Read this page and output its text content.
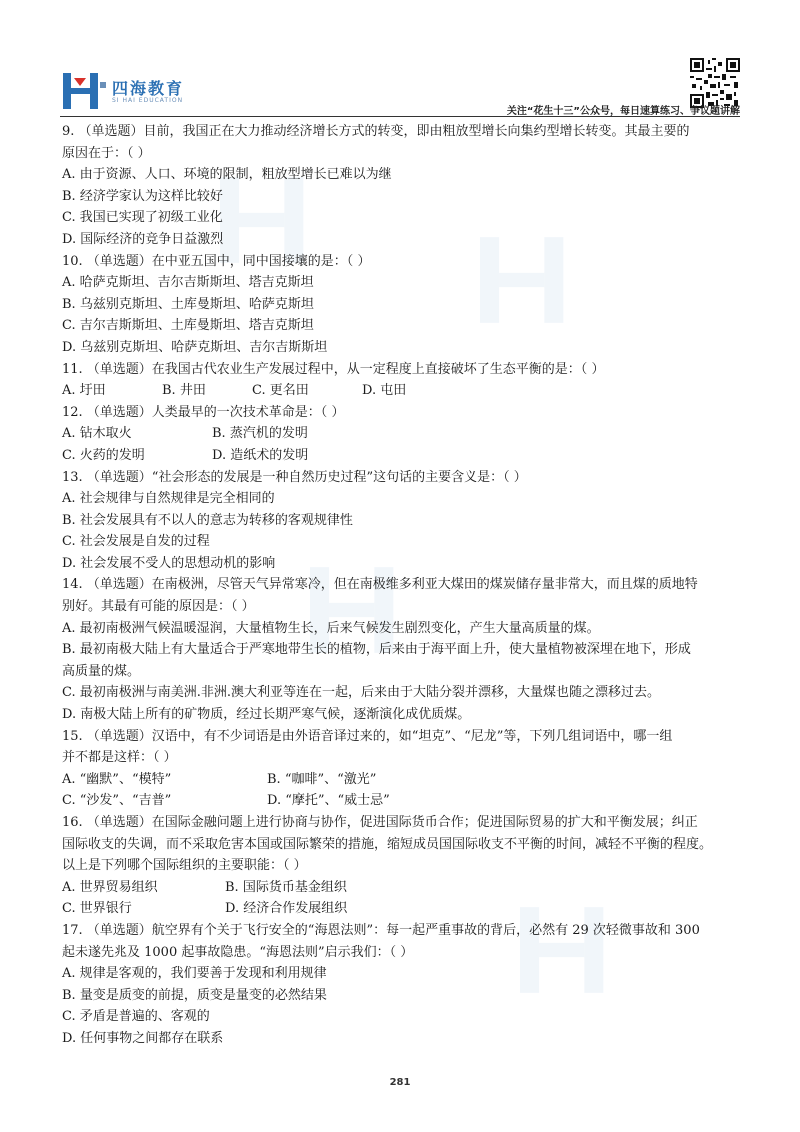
四海教育
SI HAI EDUCATION
关注“花生十三”公众号，每日速算练习、争议题讲解
9. （单选题）目前，我国正在大力推动经济增长方式的转变，即由粗放型增长向集约型增长转变。其最主要的
原因在于：（ ）
A. 由于资源、人口、环境的限制，粗放型增长已难以为继
B. 经济学家认为这样比较好
C. 我国已实现了初级工业化
D. 国际经济的竞争日益激烈
10. （单选题）在中亚五国中，同中国接壤的是：（ ）
A. 哈萨克斯坦、吉尔吉斯斯坦、塔吉克斯坦
B. 乌兹别克斯坦、土库曼斯坦、哈萨克斯坦
C. 吉尔吉斯斯坦、土库曼斯坦、塔吉克斯坦
D. 乌兹别克斯坦、哈萨克斯坦、吉尔吉斯斯坦
11. （单选题）在我国古代农业生产发展过程中，从一定程度上直接破坏了生态平衡的是：（ ）
A. 圩田	B. 井田	C. 更名田	D. 屯田
12. （单选题）人类最早的一次技术革命是：（ ）
A. 钻木取火	B. 蒸汽机的发明
C. 火药的发明	D. 造纸术的发明
13. （单选题）“社会形态的发展是一种自然历史过程”这句话的主要含义是：（ ）
A. 社会规律与自然规律是完全相同的
B. 社会发展具有不以人的意志为转移的客观规律性
C. 社会发展是自发的过程
D. 社会发展不受人的思想动机的影响
14. （单选题）在南极洲，尽管天气异常寒冷，但在南极维多利亚大煤田的煤炭储存量非常大，而且煤的质地特
别好。其最有可能的原因是：（ ）
A. 最初南极洲气候温暖湿润，大量植物生长，后来气候发生剧烈变化，产生大量高质量的煤。
B. 最初南极大陆上有大量适合于严寒地带生长的植物，后来由于海平面上升，使大量植物被深埋在地下，形成
高质量的煤。
C. 最初南极洲与南美洲.非洲.澳大利亚等连在一起，后来由于大陆分裂并漂移，大量煤也随之漂移过去。
D. 南极大陆上所有的矿物质，经过长期严寒气候，逐渐演化成优质煤。
15. （单选题）汉语中，有不少词语是由外语音译过来的，如“坦克”、“尼龙”等，下列几组词语中，哪一组
并不都是这样：（ ）
A. “幽默”、“模特”	B. “咖啡”、“激光”
C. “沙发”、“吉普”	D. “摩托”、“威士忌”
16. （单选题）在国际金融问题上进行协商与协作，促进国际货币合作；促进国际贸易的扩大和平衡发展；纠正
国际收支的失调，而不采取危害本国或国际繁荣的措施，缩短成员国国际收支不平衡的时间，减轻不平衡的程度。
以上是下列哪个国际组织的主要职能：（ ）
A. 世界贸易组织	B. 国际货币基金组织
C. 世界银行	D. 经济合作发展组织
17. （单选题）航空界有个关于飞行安全的“海恩法则”：每一起严重事故的背后，必然有 29 次轻微事故和 300
起未遂先兆及 1000 起事故隐患。“海恩法则”启示我们：（ ）
A. 规律是客观的，我们要善于发现和利用规律
B. 量变是质变的前提，质变是量变的必然结果
C. 矛盾是普遍的、客观的
D. 任何事物之间都存在联系
281
